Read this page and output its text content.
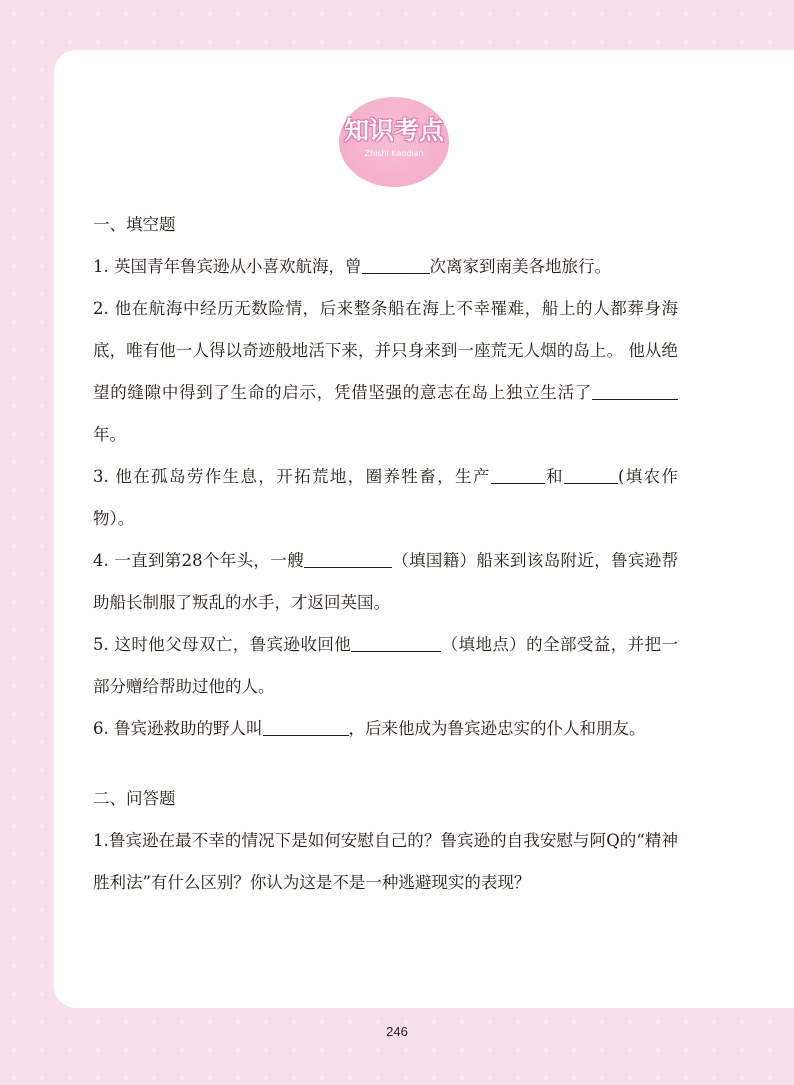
知识考点
Zhishi Kaodian

一、填空题

1. 英国青年鲁宾逊从小喜欢航海，曾	次离家到南美各地旅行。

2. 他在航海中经历无数险情，后来整条船在海上不幸罹难，船上的人都葬身海底，唯有他一人得以奇迹般地活下来，并只身来到一座荒无人烟的岛上。 他从绝望的缝隙中得到了生命的启示，凭借坚强的意志在岛上独立生活了年。

3. 他在孤岛劳作生息，开拓荒地，圈养牲畜，生产	和	(填农作物）。

4. 一直到第28个年头，一艘	（填国籍）船来到该岛附近，鲁宾逊帮助船长制服了叛乱的水手，才返回英国。

5. 这时他父母双亡，鲁宾逊收回他	（填地点）的全部受益，并把一部分赠给帮助过他的人。

6. 鲁宾逊救助的野人叫	，后来他成为鲁宾逊忠实的仆人和朋友。

二、问答题

1.鲁宾逊在最不幸的情况下是如何安慰自己的？鲁宾逊的自我安慰与阿Q的“精神胜利法”有什么区别？你认为这是不是一种逃避现实的表现？

246
